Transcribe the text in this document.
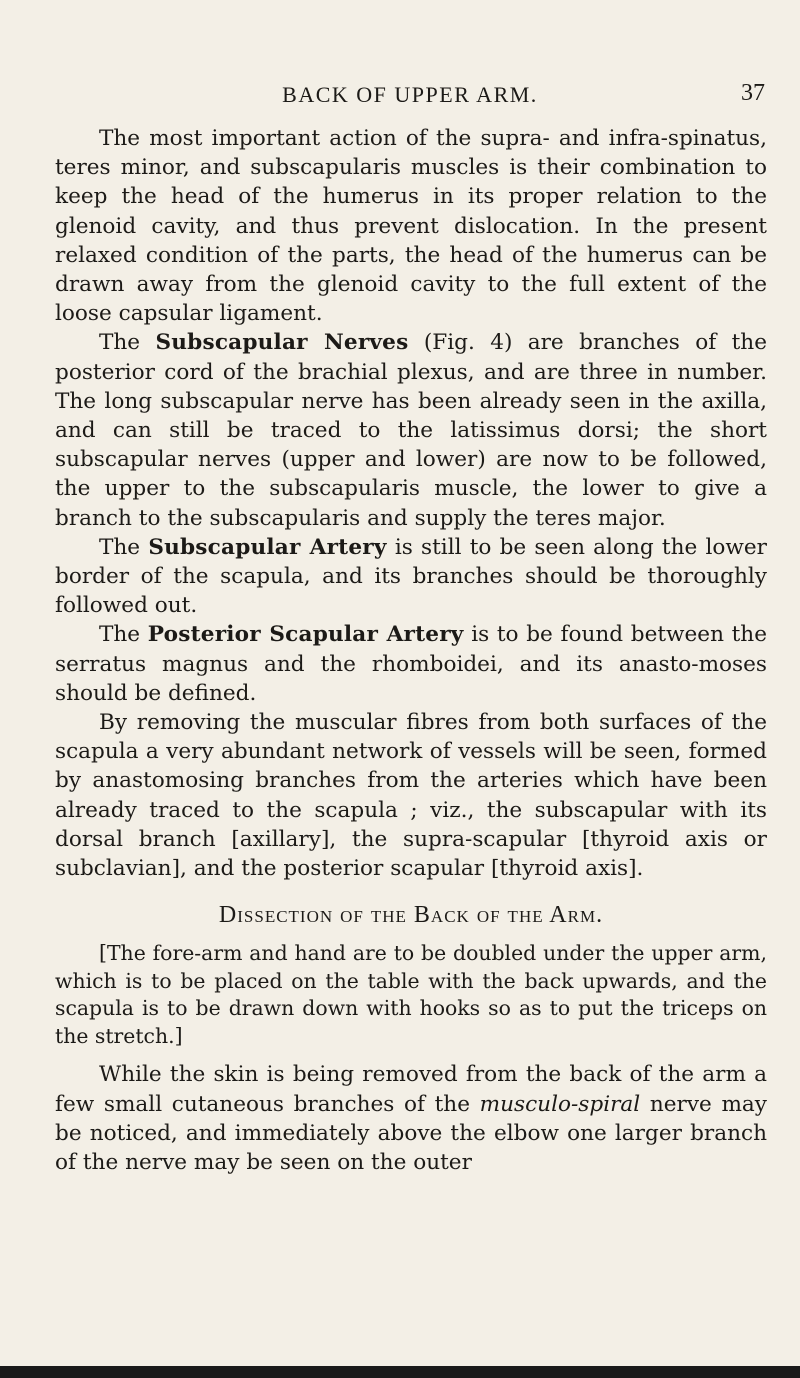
BACK OF UPPER ARM.	37

The most important action of the supra- and infra-spinatus, teres minor, and subscapularis muscles is their combination to keep the head of the humerus in its proper relation to the glenoid cavity, and thus prevent dislocation. In the present relaxed condition of the parts, the head of the humerus can be drawn away from the glenoid cavity to the full extent of the loose capsular ligament.

The Subscapular Nerves (Fig. 4) are branches of the posterior cord of the brachial plexus, and are three in number. The long subscapular nerve has been already seen in the axilla, and can still be traced to the latissimus dorsi; the short subscapular nerves (upper and lower) are now to be followed, the upper to the subscapularis muscle, the lower to give a branch to the subscapularis and supply the teres major.

The Subscapular Artery is still to be seen along the lower border of the scapula, and its branches should be thoroughly followed out.

The Posterior Scapular Artery is to be found between the serratus magnus and the rhomboidei, and its anasto-moses should be defined.

By removing the muscular fibres from both surfaces of the scapula a very abundant network of vessels will be seen, formed by anastomosing branches from the arteries which have been already traced to the scapula ; viz., the subscapular with its dorsal branch [axillary], the supra-scapular [thyroid axis or subclavian], and the posterior scapular [thyroid axis].

Dissection of the Back of the Arm.

[The fore-arm and hand are to be doubled under the upper arm, which is to be placed on the table with the back upwards, and the scapula is to be drawn down with hooks so as to put the triceps on the stretch.]

While the skin is being removed from the back of the arm a few small cutaneous branches of the musculo-spiral nerve may be noticed, and immediately above the elbow one larger branch of the nerve may be seen on the outer
